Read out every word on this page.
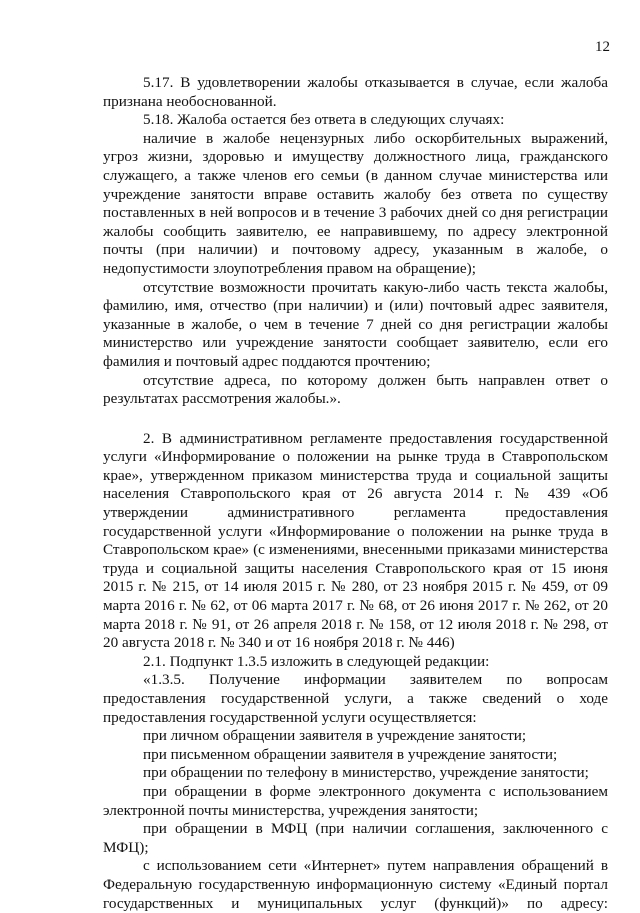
12

5.17. В удовлетворении жалобы отказывается в случае, если жалоба признана необоснованной.

5.18. Жалоба остается без ответа в следующих случаях:

наличие в жалобе нецензурных либо оскорбительных выражений, угроз жизни, здоровью и имуществу должностного лица, гражданского служащего, а также членов его семьи (в данном случае министерства или учреждение занятости вправе оставить жалобу без ответа по существу поставленных в ней вопросов и в течение 3 рабочих дней со дня регистрации жалобы сообщить заявителю, ее направившему, по адресу электронной почты (при наличии) и почтовому адресу, указанным в жалобе, о недопустимости злоупотребления правом на обращение);

отсутствие возможности прочитать какую-либо часть текста жалобы, фамилию, имя, отчество (при наличии) и (или) почтовый адрес заявителя, указанные в жалобе, о чем в течение 7 дней со дня регистрации жалобы министерство или учреждение занятости сообщает заявителю, если его фамилия и почтовый адрес поддаются прочтению;

отсутствие адреса, по которому должен быть направлен ответ о результатах рассмотрения жалобы.».

2. В административном регламенте предоставления государственной услуги «Информирование о положении на рынке труда в Ставропольском крае», утвержденном приказом министерства труда и социальной защиты населения Ставропольского края от 26 августа 2014 г. № 439 «Об утверждении административного регламента предоставления государственной услуги «Информирование о положении на рынке труда в Ставропольском крае» (с изменениями, внесенными приказами министерства труда и социальной защиты населения Ставропольского края от 15 июня 2015 г. № 215, от 14 июля 2015 г. № 280, от 23 ноября 2015 г. № 459, от 09 марта 2016 г. № 62, от 06 марта 2017 г. № 68, от 26 июня 2017 г. № 262, от 20 марта 2018 г. № 91, от 26 апреля 2018 г. № 158, от 12 июля 2018 г. № 298, от 20 августа 2018 г. № 340 и от 16 ноября 2018 г. № 446)

2.1. Подпункт 1.3.5 изложить в следующей редакции:

«1.3.5. Получение информации заявителем по вопросам предоставления государственной услуги, а также сведений о ходе предоставления государственной услуги осуществляется:

при личном обращении заявителя в учреждение занятости;

при письменном обращении заявителя в учреждение занятости;

при обращении по телефону в министерство, учреждение занятости;

при обращении в форме электронного документа с использованием электронной почты министерства, учреждения занятости;

при обращении в МФЦ (при наличии соглашения, заключенного с МФЦ);

с использованием сети «Интернет» путем направления обращений в Федеральную государственную информационную систему «Единый портал государственных и муниципальных услуг (функций)» по адресу:
